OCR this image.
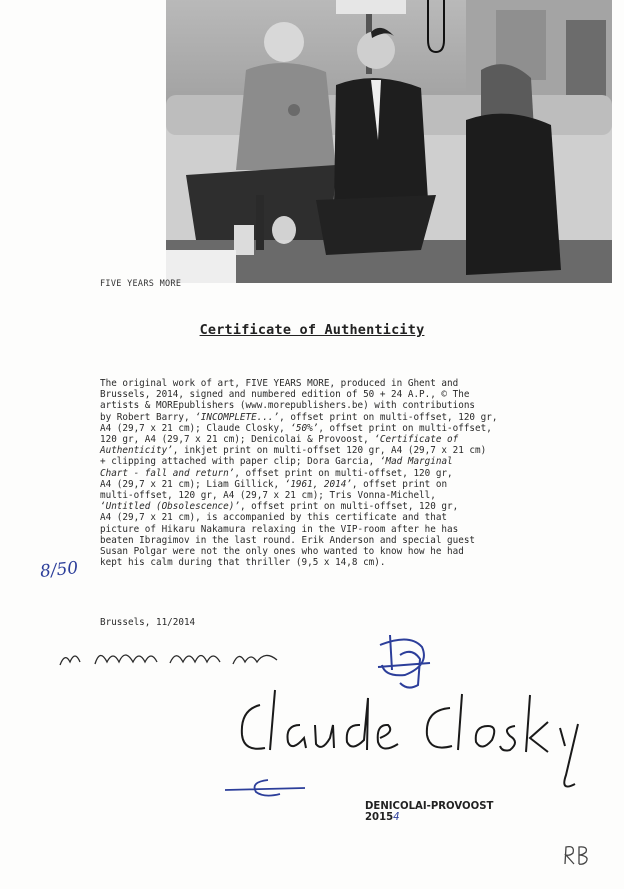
FIVE YEARS MORE
Certificate of Authenticity
The original work of art, FIVE YEARS MORE, produced in Ghent and
Brussels, 2014, signed and numbered edition of 50 + 24 A.P., © The
artists & MOREpublishers (www.morepublishers.be) with contributions
by Robert Barry, ‘INCOMPLETE...’, offset print on multi-offset, 120 gr,
A4 (29,7 x 21 cm); Claude Closky, ‘50%’, offset print on multi-offset,
120 gr, A4 (29,7 x 21 cm); Denicolai & Provoost, ‘Certificate of
Authenticity’, inkjet print on multi-offset 120 gr, A4 (29,7 x 21 cm)
+ clipping attached with paper clip; Dora Garcia, ‘Mad Marginal
Chart - fall and return’, offset print on multi-offset, 120 gr,
A4 (29,7 x 21 cm); Liam Gillick, ‘1961, 2014’, offset print on
multi-offset, 120 gr, A4 (29,7 x 21 cm); Tris Vonna-Michell,
‘Untitled (Obsolescence)’, offset print on multi-offset, 120 gr,
A4 (29,7 x 21 cm), is accompanied by this certificate and that
picture of Hikaru Nakamura relaxing in the VIP-room after he has
beaten Ibragimov in the last round. Erik Anderson and special guest
Susan Polgar were not the only ones who wanted to know how he had
kept his calm during that thriller (9,5 x 14,8 cm).
8/50
Brussels, 11/2014
DENICOLAI-PROVOOST
20154
